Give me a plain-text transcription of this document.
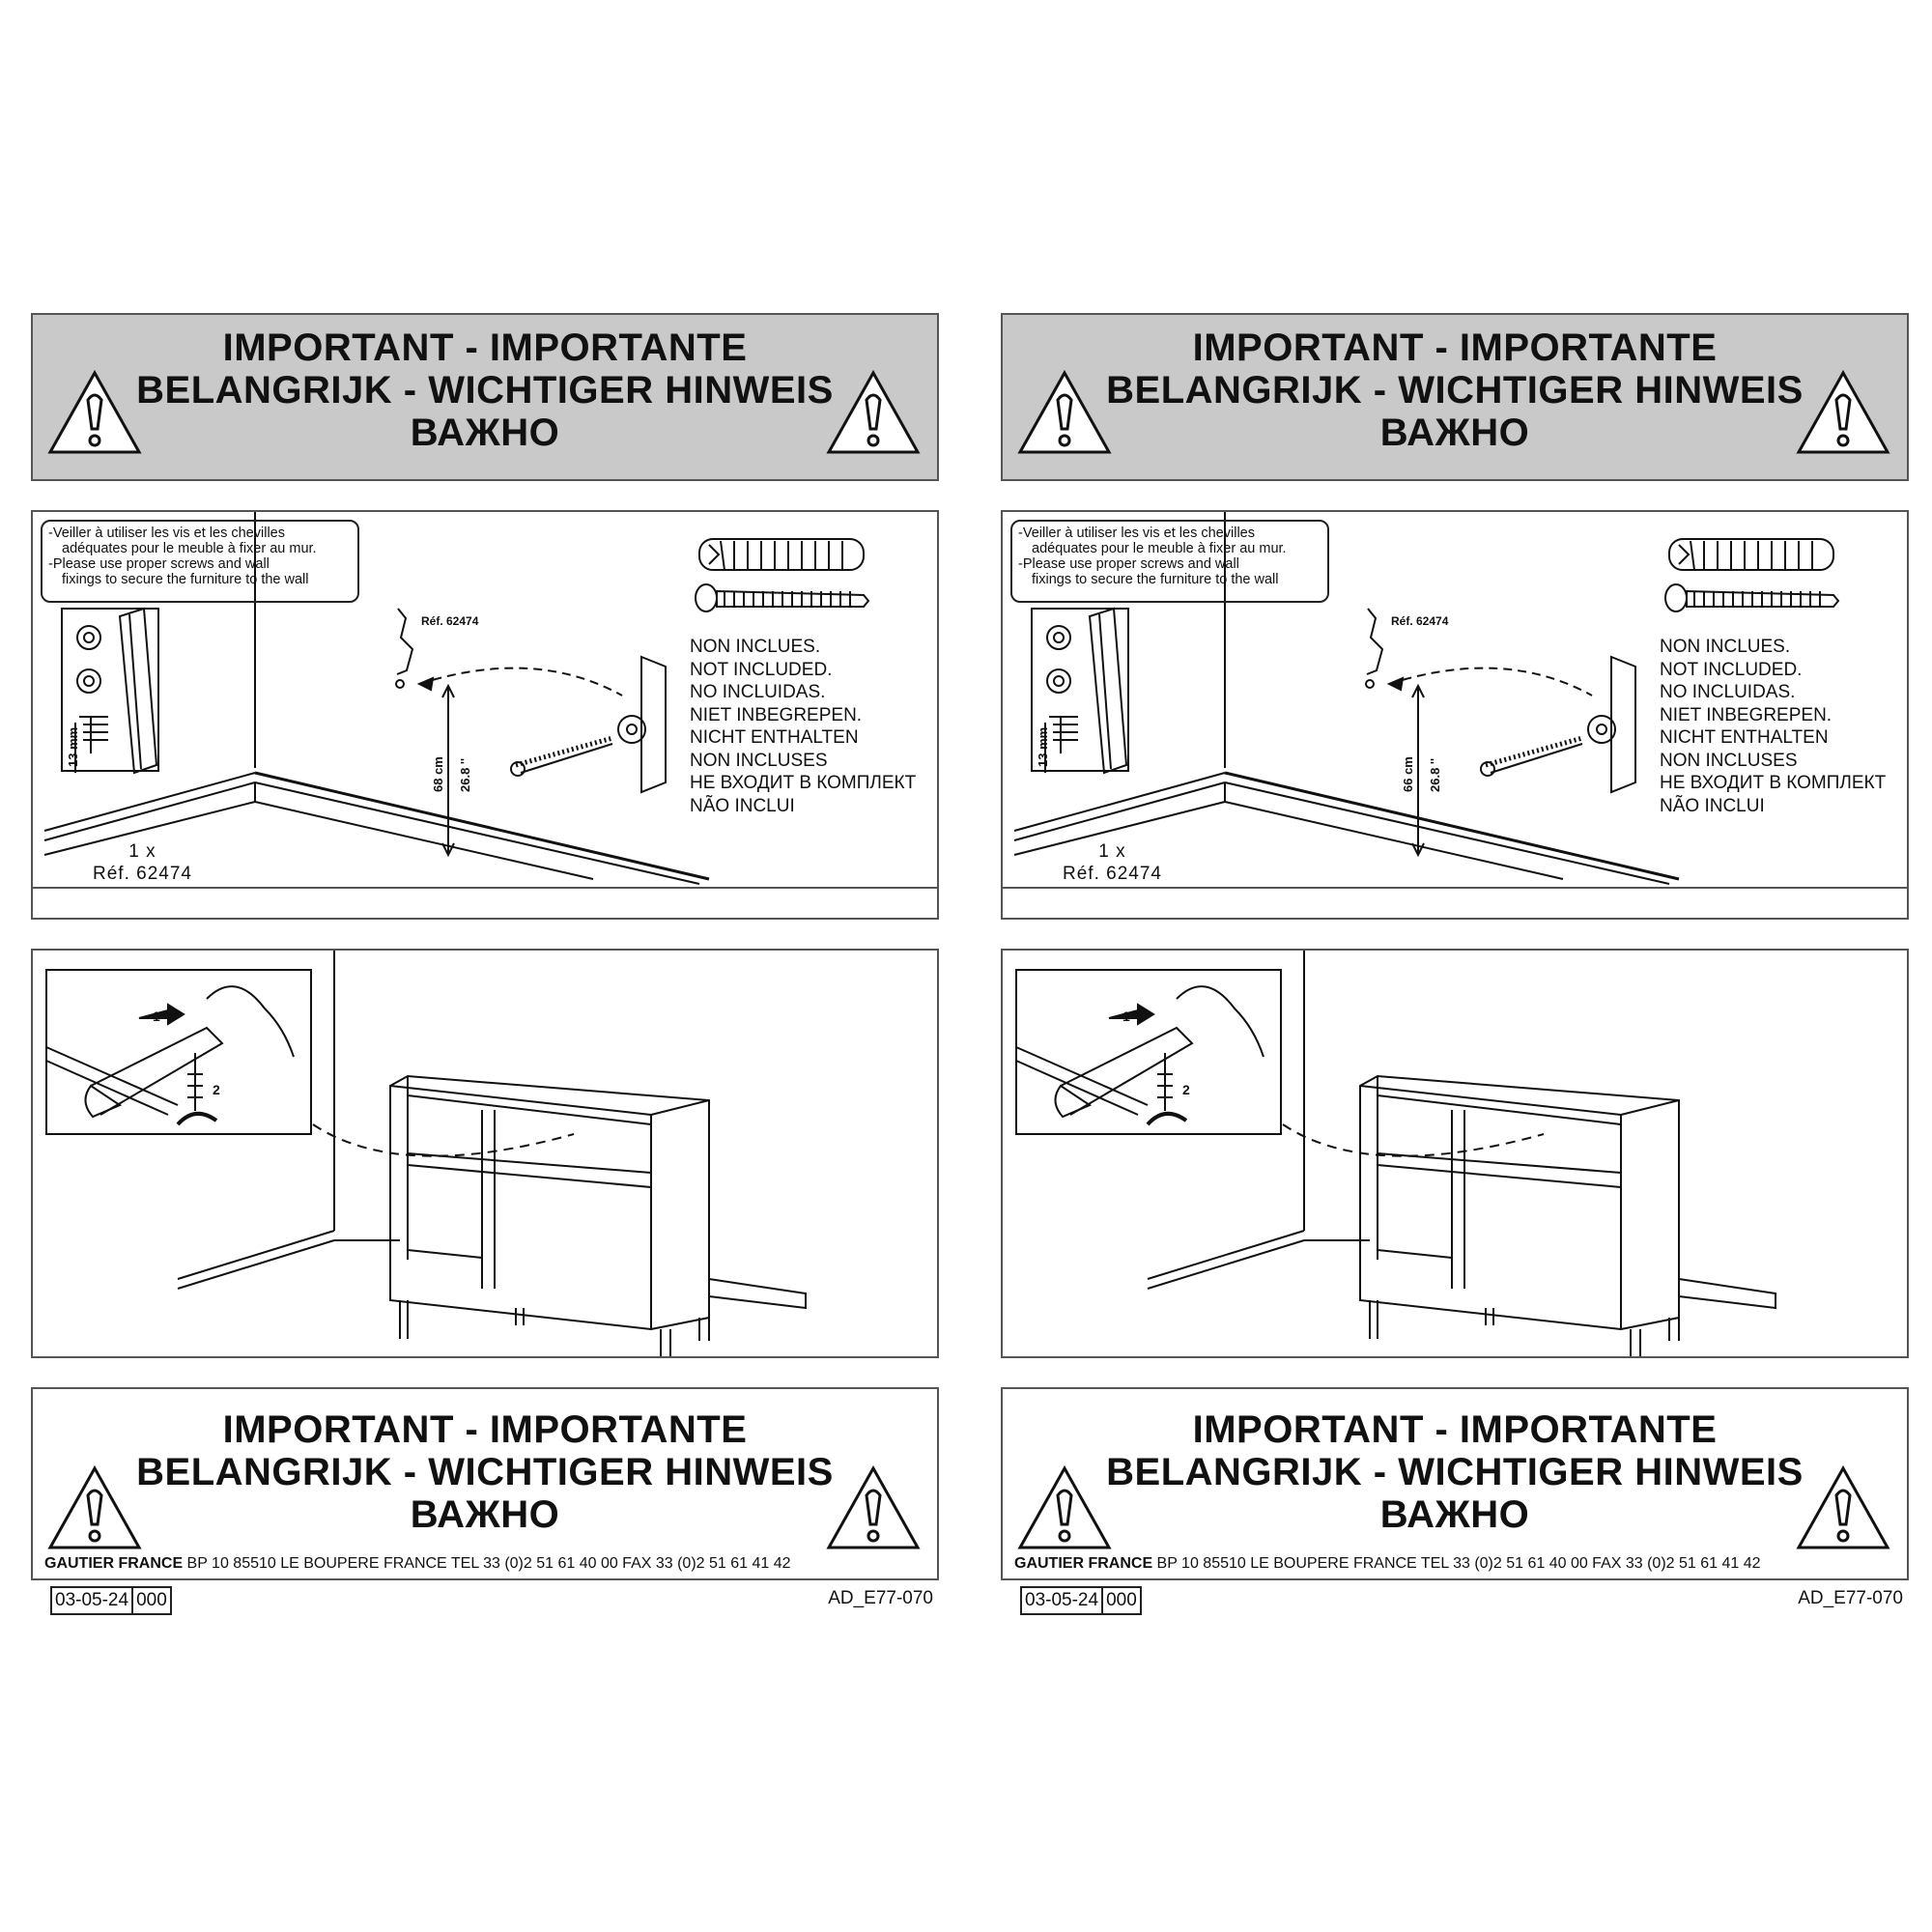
IMPORTANT - IMPORTANTE
BELANGRIJK - WICHTIGER HINWEIS
ВАЖНО
-Veiller à utiliser les vis et les chevilles
adéquates pour le meuble à fixer au mur.
-Please use proper screws and wall
fixings to secure the furniture to the wall
Réf. 62474
13 mm
68 cm 26.8 ''
1 x
Réf. 62474
NON INCLUES.
NOT INCLUDED.
NO INCLUIDAS.
NIET INBEGREPEN.
NICHT ENTHALTEN
NON INCLUSES
НЕ ВХОДИТ В КОМПЛЕКТ
NÃO INCLUI
1
2
IMPORTANT - IMPORTANTE
BELANGRIJK - WICHTIGER HINWEIS
ВАЖНО
GAUTIER FRANCE BP 10 85510 LE BOUPERE FRANCE TEL 33 (0)2 51 61 40 00 FAX 33 (0)2 51 61 41 42
03-05-24 000	AD_E77-070
IMPORTANT - IMPORTANTE
BELANGRIJK - WICHTIGER HINWEIS
ВАЖНО
-Veiller à utiliser les vis et les chevilles
adéquates pour le meuble à fixer au mur.
-Please use proper screws and wall
fixings to secure the furniture to the wall
Réf. 62474
13 mm
66 cm 26.8 ''
1 x
Réf. 62474
NON INCLUES.
NOT INCLUDED.
NO INCLUIDAS.
NIET INBEGREPEN.
NICHT ENTHALTEN
NON INCLUSES
НЕ ВХОДИТ В КОМПЛЕКТ
NÃO INCLUI
1
2
IMPORTANT - IMPORTANTE
BELANGRIJK - WICHTIGER HINWEIS
ВАЖНО
GAUTIER FRANCE BP 10 85510 LE BOUPERE FRANCE TEL 33 (0)2 51 61 40 00 FAX 33 (0)2 51 61 41 42
03-05-24 000	AD_E77-070
